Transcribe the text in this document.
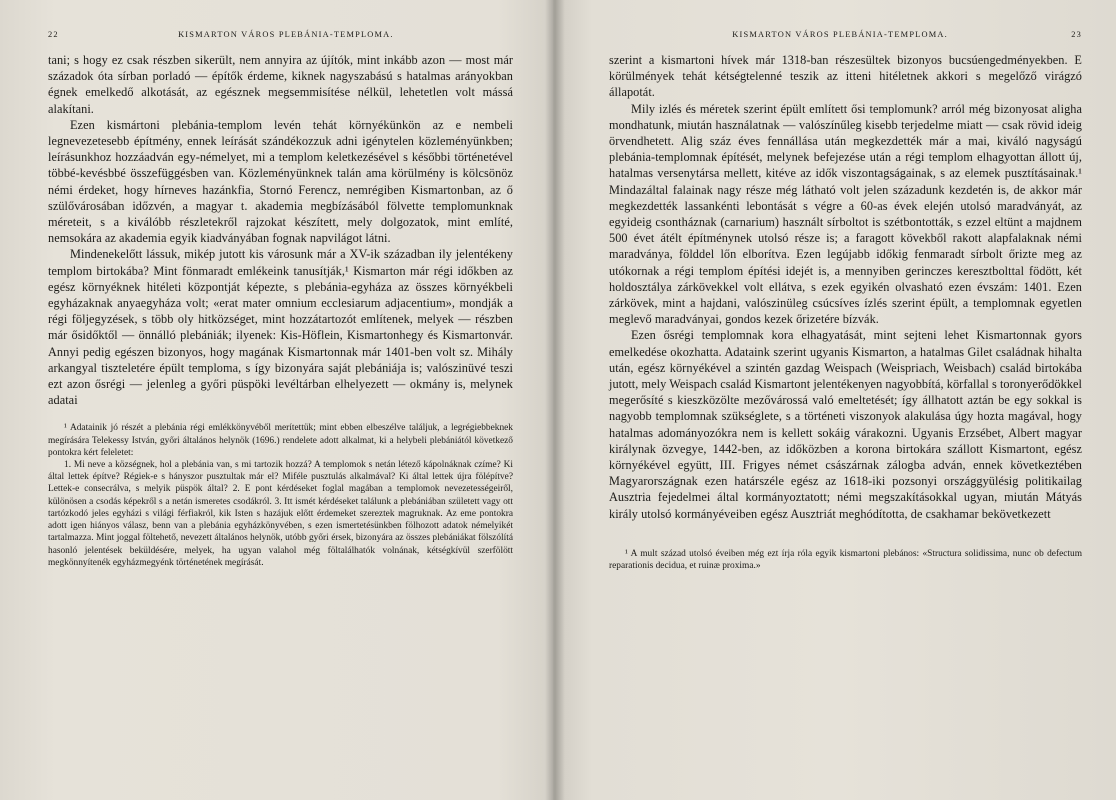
22	KISMARTON VÁROS PLEBÁNIA-TEMPLOMA.

tani; s hogy ez csak részben sikerült, nem annyira az újítók, mint inkább azon — most már századok óta sírban porladó — építők érdeme, kiknek nagyszabású s hatalmas arányokban égnek emelkedő alkotását, az egésznek megsemmisítése nélkül, lehetetlen volt mássá alakítani.

Ezen kismártoni plebánia-templom levén tehát környékünkön az e nembeli legnevezetesebb építmény, ennek leírását szándékozzuk adni igénytelen közleményünkben; leírásunkhoz hozzáadván egy-némelyet, mi a templom keletkezésével s későbbi történetével többé-kevésbbé összefüggésben van. Közleményünknek talán ama körülmény is kölcsönöz némi érdeket, hogy hírneves hazánkfia, Stornó Ferencz, nemrégiben Kismartonban, az ő szülővárosában időzvén, a magyar t. akademia megbízásából fölvette templomunknak méreteit, s a kiválóbb részletekről rajzokat készített, mely dolgozatok, mint említé, nemsokára az akademia egyik kiadványában fognak napvilágot látni.

Mindenekelőtt lássuk, mikép jutott kis városunk már a XV-ik században ily jelentékeny templom birtokába? Mint fönmaradt emlékeink tanusítják,¹ Kismarton már régi időkben az egész környéknek hitéleti központját képezte, s plebánia-egyháza az összes környékbeli egyházaknak anyaegyháza volt; «erat mater omnium ecclesiarum adjacentium», mondják a régi följegyzések, s több oly hitközséget, mint hozzátartozót említenek, melyek — részben már ősidőktől — önnálló plebániák; ilyenek: Kis-Höflein, Kismartonhegy és Kismartonvár. Annyi pedig egészen bizonyos, hogy magának Kismartonnak már 1401-ben volt sz. Mihály arkangyal tiszteletére épült temploma, s így bizonyára saját plebániája is; valószinüvé teszi ezt azon ősrégi — jelenleg a győri püspöki levéltárban elhelyezett — okmány is, melynek adatai

¹ Adatainik jó részét a plebánia régi emlékkönyvéből merítettük; mint ebben elbeszélve találjuk, a legrégiebbeknek megírására Telekessy István, győri általános helynök (1696.) rendelete adott alkalmat, ki a helybeli plebániától következő pontokra kért feleletet:

1. Mi neve a községnek, hol a plebánia van, s mi tartozik hozzá? A templomok s netán létező kápolnáknak czíme? Ki által lettek építve? Régiek-e s hányszor pusztultak már el? Miféle pusztulás alkalmával? Ki által lettek újra fölépítve? Lettek-e consecrálva, s melyik püspök által? 2. E pont kérdéseket foglal magában a templomok nevezetességeiről, különösen a csodás képekről s a netán ismeretes csodákról. 3. Itt ismét kérdéseket találunk a plebániában született vagy ott tartózkodó jeles egyházi s világi férfiakról, kik Isten s hazájuk előtt érdemeket szereztek magruknak. Az eme pontokra adott igen hiányos válasz, benn van a plebánia egyházkönyvében, s ezen ismertetésünkben fölhozott adatok némelyikét tartalmazza. Mint joggal föltehető, nevezett általános helynök, utóbb győri érsek, bizonyára az összes plebániákat fölszólítá hasonló jelentések beküldésére, melyek, ha ugyan valahol még föltalálhatók volnának, kétségkívül szerfölött megkönnyítenék egyházmegyénk történetének megírását.

KISMARTON VÁROS PLEBÁNIA-TEMPLOMA.	23

szerint a kismartoni hívek már 1318-ban részesültek bizonyos bucsúengedményekben. E körülmények tehát kétségtelenné teszik az itteni hitéletnek akkori s megelőző virágzó állapotát.

Mily izlés és méretek szerint épült említett ősi templomunk? arról még bizonyosat aligha mondhatunk, miután használatnak — valószínűleg kisebb terjedelme miatt — csak rövid ideig örvendhetett. Alig száz éves fennállása után megkezdették már a mai, kiváló nagyságú plebánia-templomnak építését, melynek befejezése után a régi templom elhagyottan állott új, hatalmas versenytársa mellett, kitéve az idők viszontagságainak, s az elemek pusztításainak.¹ Mindazáltal falainak nagy része még látható volt jelen századunk kezdetén is, de akkor már megkezdették lassankénti lebontását s végre a 60-as évek elején utolsó maradványát, az egyideig csontháznak (carnarium) használt sírboltot is szétbontották, s ezzel eltünt a majdnem 500 évet átélt építménynek utolsó része is; a faragott kövekből rakott alapfalaknak némi maradványa, földdel lőn elborítva. Ezen legújabb időkig fenmaradt sírbolt őrizte meg az utókornak a régi templom építési idejét is, a mennyiben gerinczes keresztbolttal födött, két holdosztálya zárkövekkel volt ellátva, s ezek egyikén olvasható ezen évszám: 1401. Ezen zárkövek, mint a hajdani, valószinüleg csúcsíves ízlés szerint épült, a templomnak egyetlen meglevő maradványai, gondos kezek őrizetére bízvák.

Ezen ősrégi templomnak kora elhagyatását, mint sejteni lehet Kismartonnak gyors emelkedése okozhatta. Adataink szerint ugyanis Kismarton, a hatalmas Gilet családnak hihalta után, egész környékével a szintén gazdag Weispach (Weispriach, Weisbach) család birtokába jutott, mely Weispach család Kismartont jelentékenyen nagyobbítá, körfallal s toronyerődökkel megerősíté s kieszközölte mezővárossá való emeltetését; így állhatott aztán be egy sokkal is nagyobb templomnak szükséglete, s a történeti viszonyok alakulása úgy hozta magával, hogy hatalmas adományozókra nem is kellett sokáig várakozni. Ugyanis Erzsébet, Albert magyar királynak özvegye, 1442-ben, az időközben a korona birtokára szállott Kismartont, egész környékével együtt, III. Frigyes német császárnak zálogba adván, ennek következtében Magyarországnak ezen határszéle egész az 1618-iki pozsonyi országgyülésig politikailag Ausztria fejedelmei által kormányoztatott; némi megszakításokkal ugyan, miután Mátyás király utolsó kormányéveiben egész Ausztriát meghódította, de csakhamar bekövetkezett

¹ A mult század utolsó éveiben még ezt írja róla egyik kismartoni plebános: «Structura solidissima, nunc ob defectum reparationis decidua, et ruinæ proxima.»
